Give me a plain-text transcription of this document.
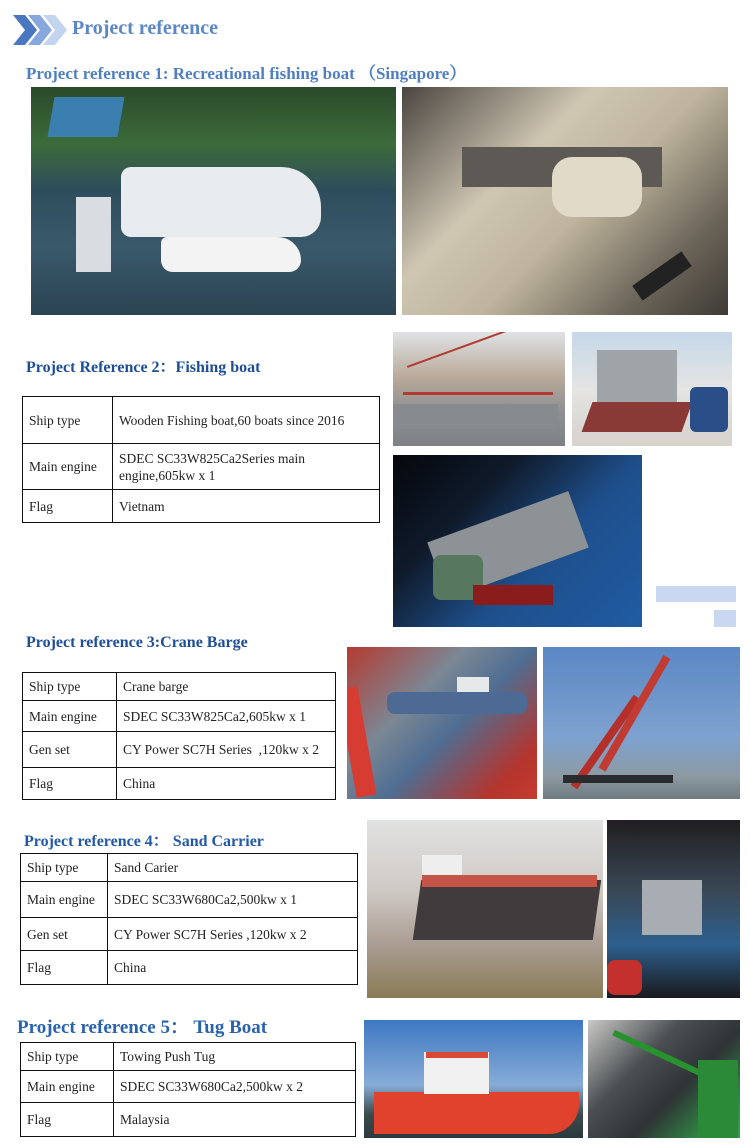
Project reference
Project reference 1: Recreational fishing boat （Singapore）
Project Reference 2：Fishing boat
Ship type	Wooden Fishing boat,60 boats since 2016
Main engine	SDEC SC33W825Ca2Series main engine,605kw x 1
Flag	Vietnam
Project reference 3:Crane Barge
Ship type	Crane barge
Main engine	SDEC SC33W825Ca2,605kw x 1
Gen set	CY Power SC7H Series  ,120kw x 2
Flag	China
Project reference 4： Sand Carrier
Ship type	Sand Carier
Main engine	SDEC SC33W680Ca2,500kw x 1
Gen set	CY Power SC7H Series ,120kw x 2
Flag	China
Project reference 5： Tug Boat
Ship type	Towing Push Tug
Main engine	SDEC SC33W680Ca2,500kw x 2
Flag	Malaysia
